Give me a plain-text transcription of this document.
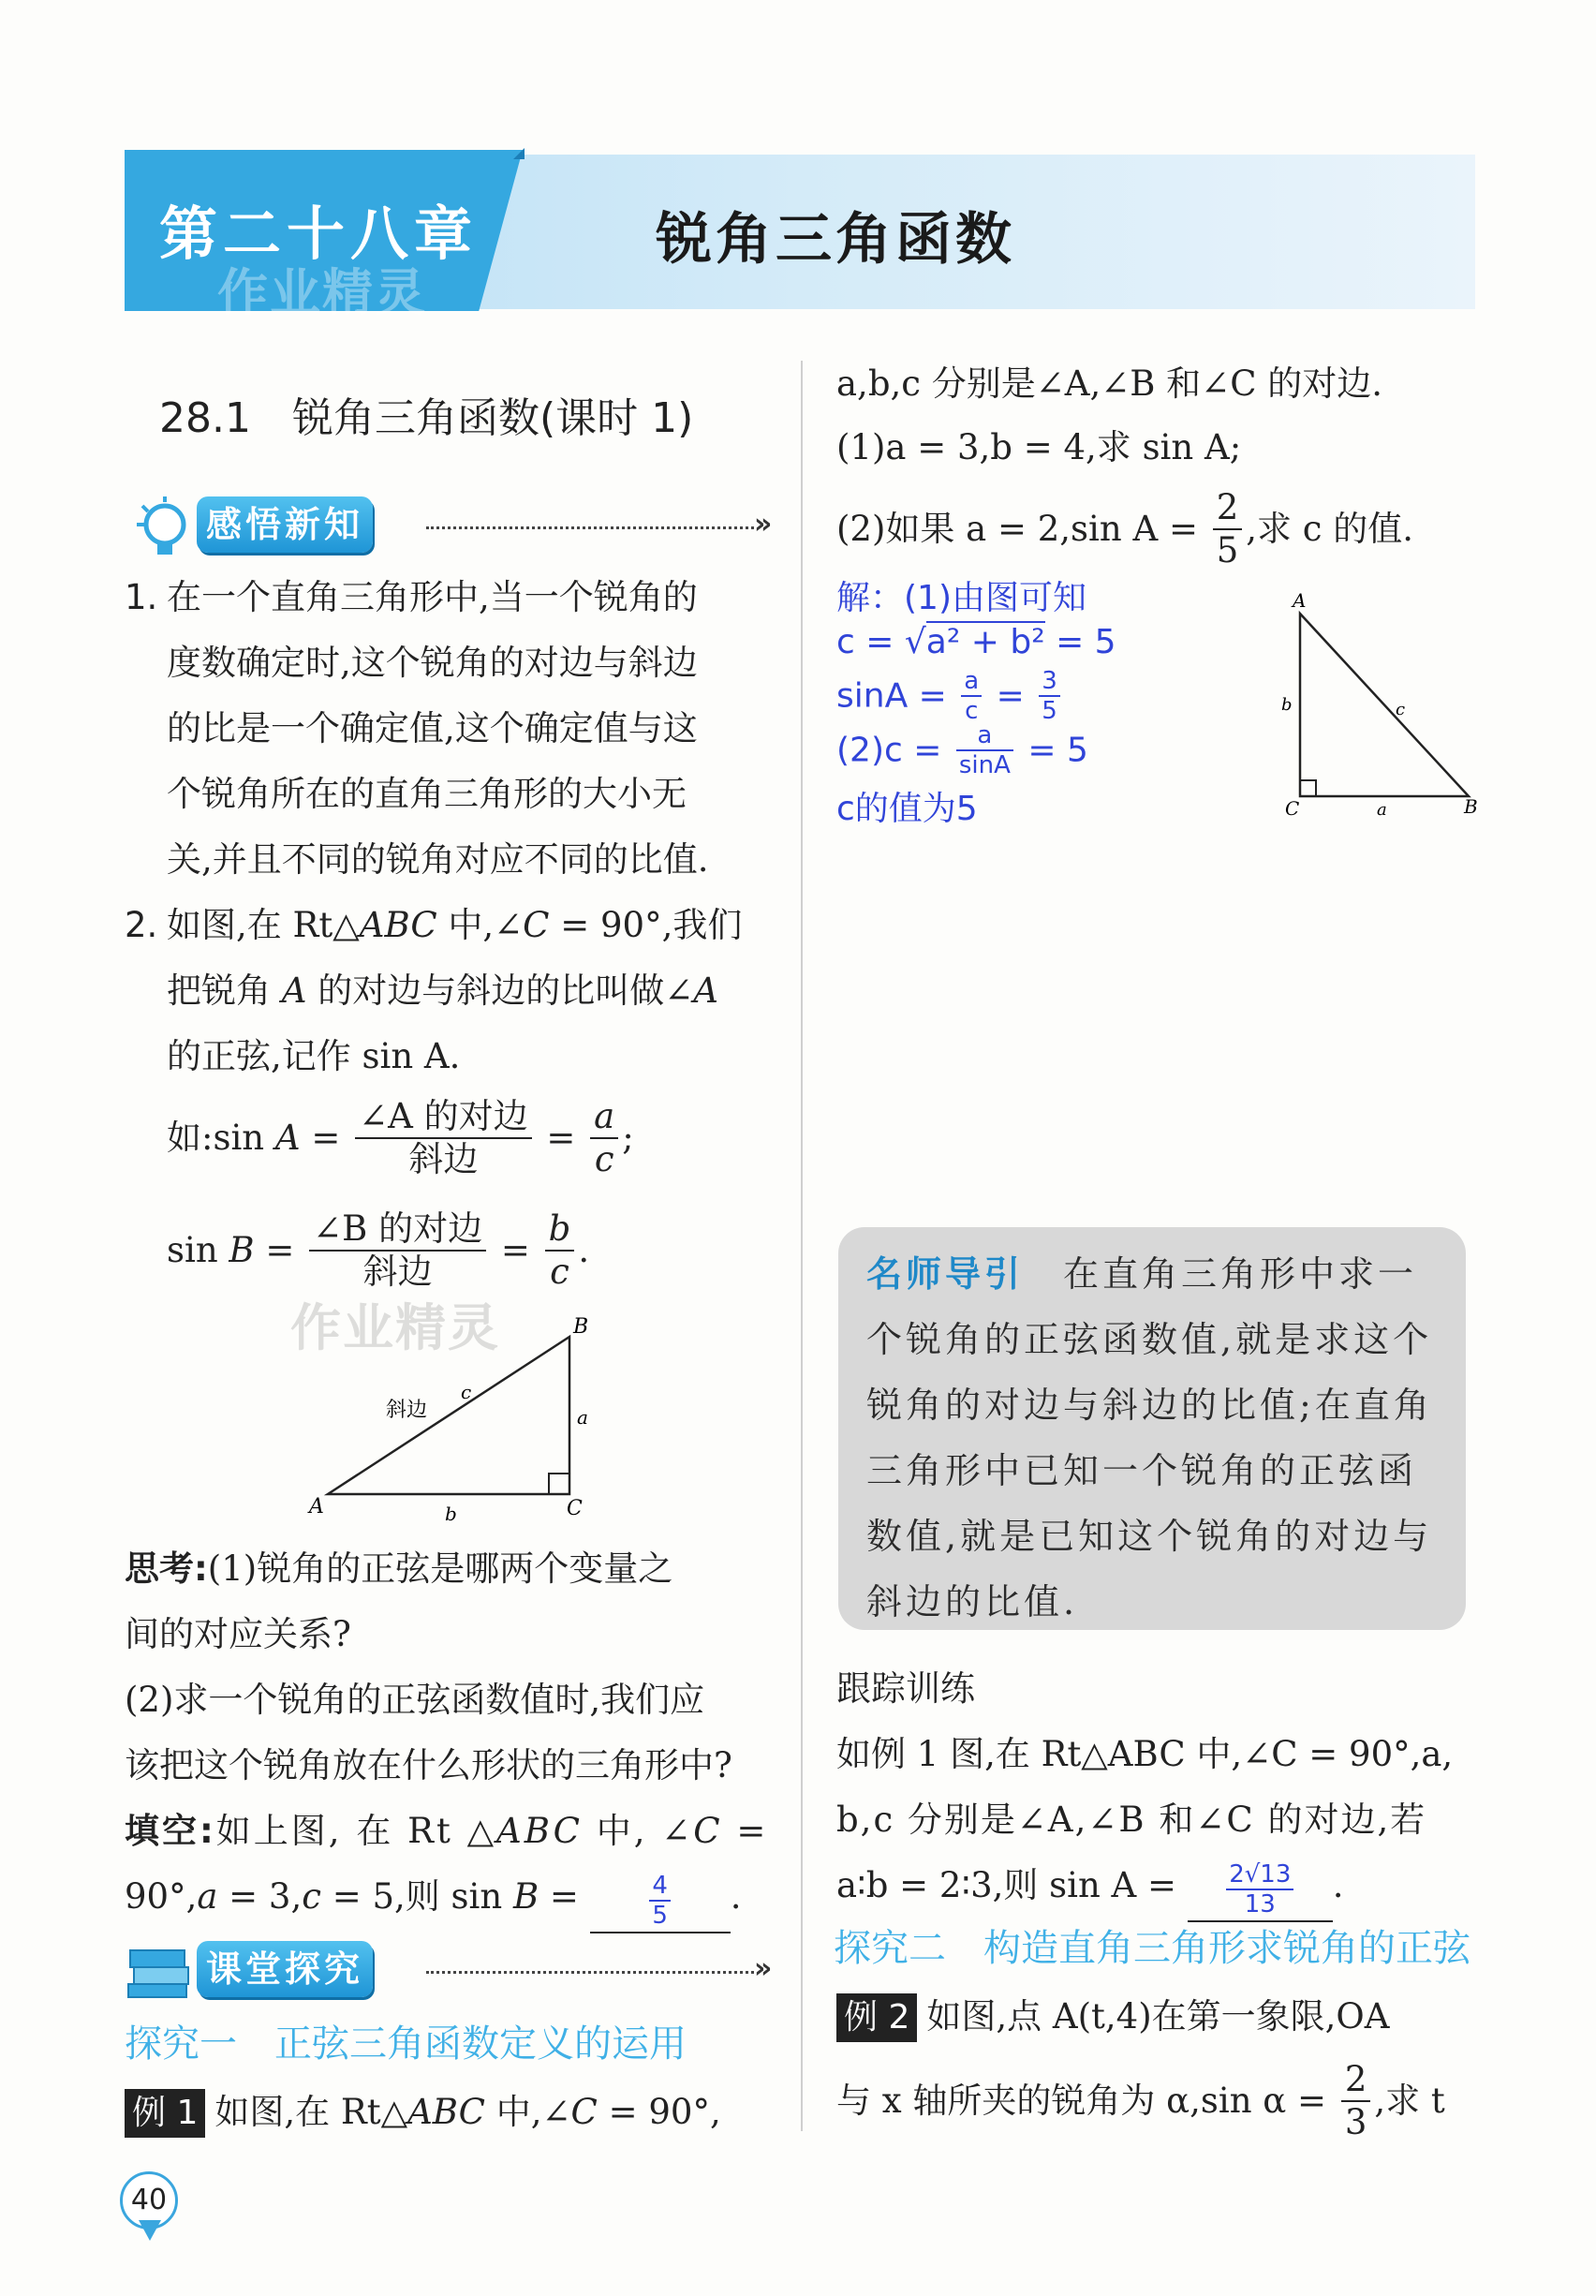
第二十八章
作业精灵
锐角三角函数
28.1　锐角三角函数(课时 1)
感悟新知	»
1. 在一个直角三角形中,当一个锐角的
度数确定时,这个锐角的对边与斜边
的比是一个确定值,这个确定值与这
个锐角所在的直角三角形的大小无
关,并且不同的锐角对应不同的比值.
2. 如图,在 Rt△ABC 中,∠C = 90°,我们
把锐角 A 的对边与斜边的比叫做∠A
的正弦,记作 sin A.
如:sin $A = \frac{\text{∠A 的对边}}{\text{斜边}} = \frac{a}{c}$ ;
$\sin B = \frac{\text{∠B 的对边}}{\text{斜边}} = \frac{b}{c}$ .
作业精灵	B
A	C
a
b
c
斜边
思考:(1)锐角的正弦是哪两个变量之
间的对应关系?
(2)求一个锐角的正弦函数值时,我们应
该把这个锐角放在什么形状的三角形中?
填空:如上图, 在 Rt △ABC 中, ∠C =
90°,a = 3,c = 5,则 sin B =	$\frac{4}{5}$ .
课堂探究	»
探究一　正弦三角函数定义的运用
例 1 如图,在 Rt△ABC 中,∠C = 90°,
40
a,b,c 分别是∠A,∠B 和∠C 的对边.
(1)a = 3,b = 4,求 sin A;
(2)如果 a = 2,sin $A = \frac{2}{5}$ ,求 c 的值.
解：(1)由图可知
c = √a² + b² = 5
$\sin A = \frac{a}{c} = \frac{3}{5}$
$(2)c = \frac{a}{\sin A} = 5$
c的值为5
A
C	B
b
a
c
名师导引　在直角三角形中求一个锐角的正弦函数值,就是求这个锐角的对边与斜边的比值;在直角三角形中已知一个锐角的正弦函数值,就是已知这个锐角的对边与斜边的比值.
跟踪训练
如例 1 图,在 Rt△ABC 中,∠C = 90°,a,
b,c 分别是∠A,∠B 和∠C 的对边,若
a∶b = 2∶3,则 $\sin A = \frac{2√13}{13}$ .
探究二　构造直角三角形求锐角的正弦
例 2 如图,点 A(t,4)在第一象限,OA
与 x 轴所夹的锐角为 α,sin $\alpha = \frac{2}{3}$ ,求 t
